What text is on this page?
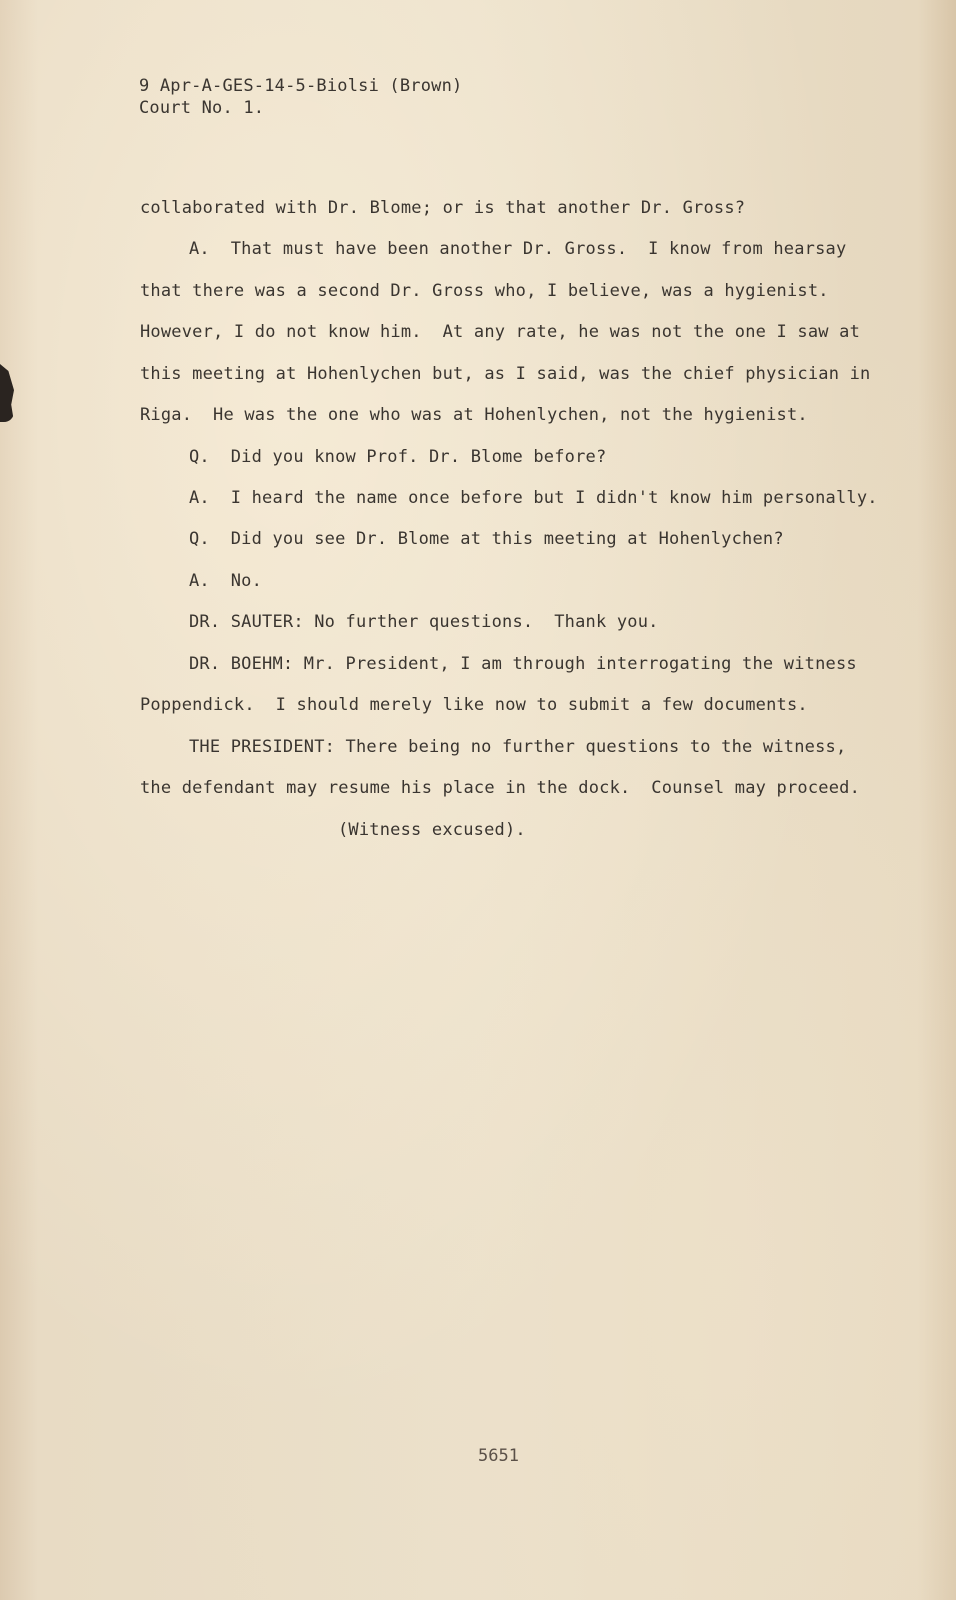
9 Apr-A-GES-14-5-Biolsi (Brown)
Court No. 1.
collaborated with Dr. Blome; or is that another Dr. Gross?
A.  That must have been another Dr. Gross.  I know from hearsay
that there was a second Dr. Gross who, I believe, was a hygienist.
However, I do not know him.  At any rate, he was not the one I saw at
this meeting at Hohenlychen but, as I said, was the chief physician in
Riga.  He was the one who was at Hohenlychen, not the hygienist.
Q.  Did you know Prof. Dr. Blome before?
A.  I heard the name once before but I didn't know him personally.
Q.  Did you see Dr. Blome at this meeting at Hohenlychen?
A.  No.
DR. SAUTER: No further questions.  Thank you.
DR. BOEHM: Mr. President, I am through interrogating the witness
Poppendick.  I should merely like now to submit a few documents.
THE PRESIDENT: There being no further questions to the witness,
the defendant may resume his place in the dock.  Counsel may proceed.
(Witness excused).
5651
